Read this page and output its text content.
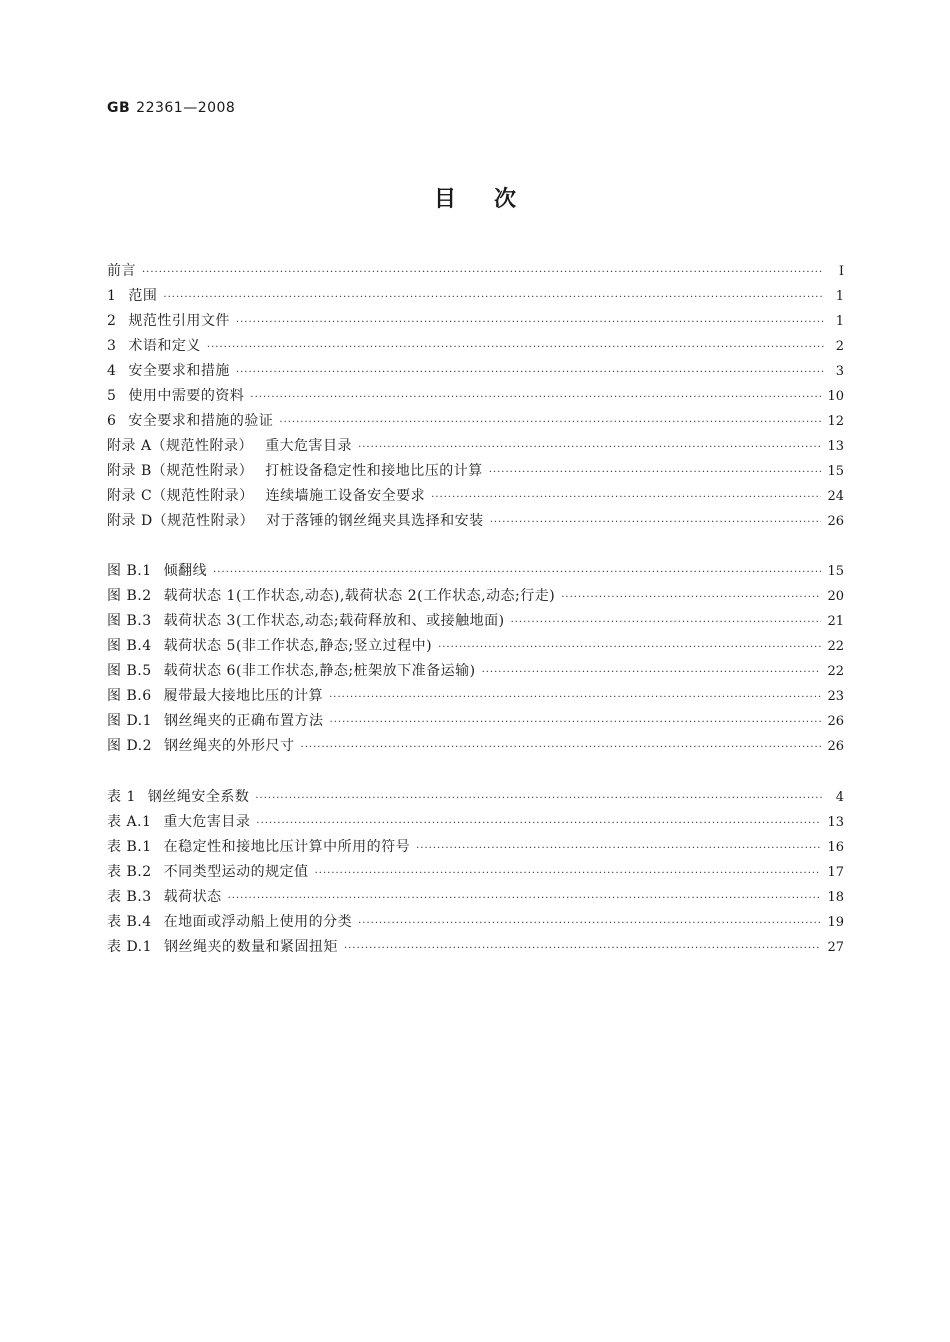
GB 22361—2008
目次
前言 ·····	I
1 范围 ·····	1
2 规范性引用文件 ·····	1
3 术语和定义 ·····	2
4 安全要求和措施 ·····	3
5 使用中需要的资料 ·····	10
6 安全要求和措施的验证 ·····	12
附录 A（规范性附录） 重大危害目录 ·····	13
附录 B（规范性附录） 打桩设备稳定性和接地比压的计算 ·····	15
附录 C（规范性附录） 连续墙施工设备安全要求 ·····	24
附录 D（规范性附录） 对于落锤的钢丝绳夹具选择和安装 ·····	26
图 B.1 倾翻线 ·····	15
图 B.2 载荷状态 1(工作状态,动态),载荷状态 2(工作状态,动态;行走) ·····	20
图 B.3 载荷状态 3(工作状态,动态;载荷释放和、或接触地面) ·····	21
图 B.4 载荷状态 5(非工作状态,静态;竖立过程中) ·····	22
图 B.5 载荷状态 6(非工作状态,静态;桩架放下准备运输) ·····	22
图 B.6 履带最大接地比压的计算 ·····	23
图 D.1 钢丝绳夹的正确布置方法 ·····	26
图 D.2 钢丝绳夹的外形尺寸 ·····	26
表 1 钢丝绳安全系数 ·····	4
表 A.1 重大危害目录 ·····	13
表 B.1 在稳定性和接地比压计算中所用的符号 ·····	16
表 B.2 不同类型运动的规定值 ·····	17
表 B.3 载荷状态 ·····	18
表 B.4 在地面或浮动船上使用的分类 ·····	19
表 D.1 钢丝绳夹的数量和紧固扭矩 ·····	27
